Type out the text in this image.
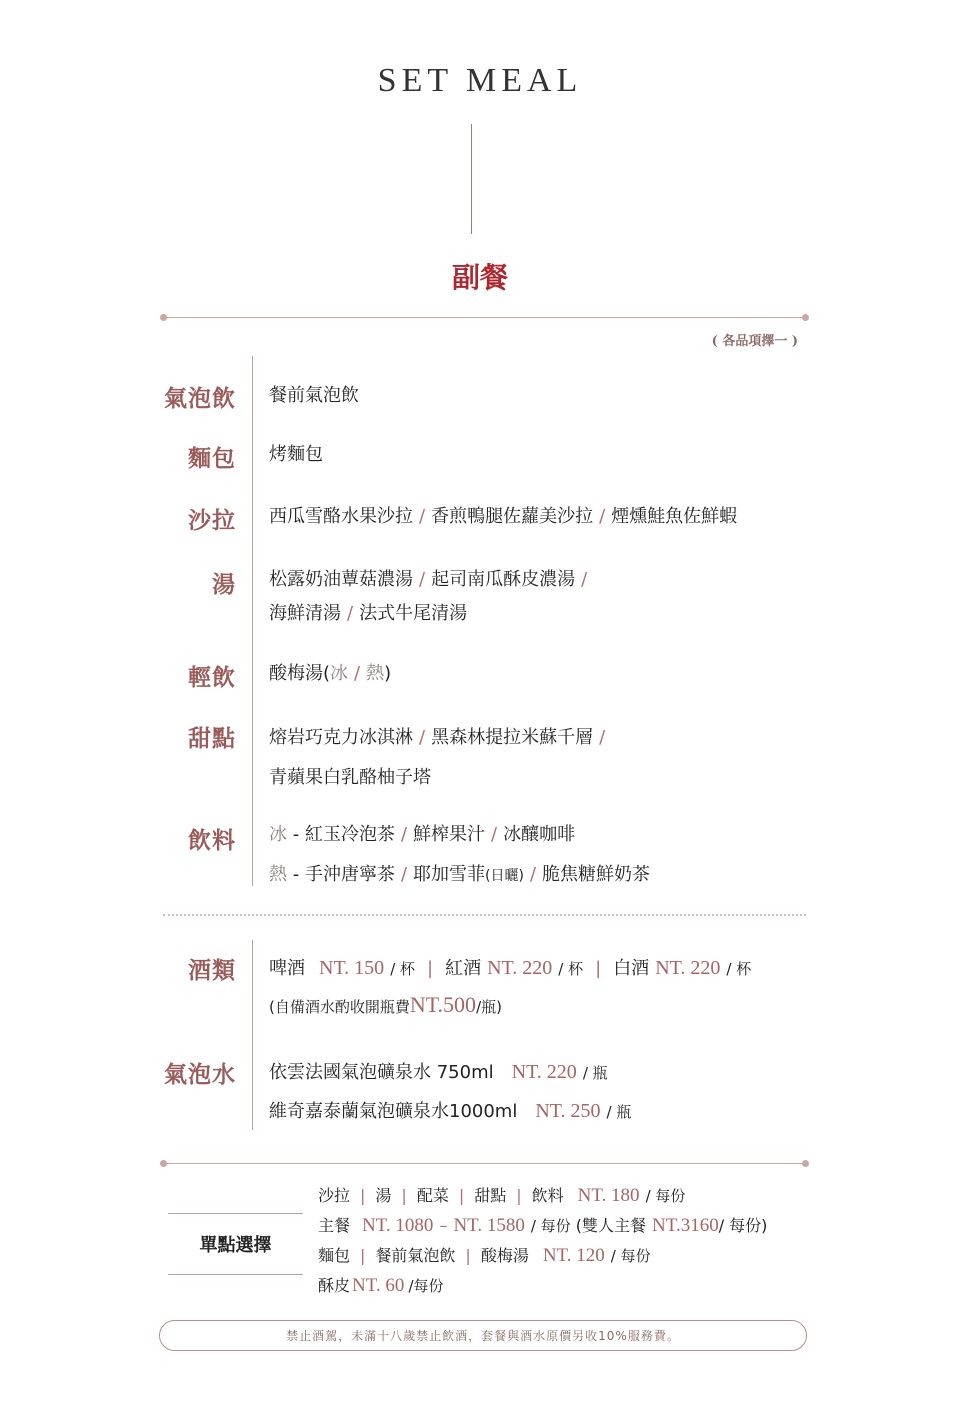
SET MEAL
副餐
( 各品項擇一 )
氣泡飲 餐前氣泡飲
麵包 烤麵包
沙拉 西瓜雪酪水果沙拉 / 香煎鴨腿佐蘿美沙拉 / 煙燻鮭魚佐鮮蝦
湯 松露奶油蕈菇濃湯 / 起司南瓜酥皮濃湯 /
海鮮清湯 / 法式牛尾清湯
輕飲 酸梅湯(冰 / 熱)
甜點 熔岩巧克力冰淇淋 / 黑森林提拉米蘇千層 /
青蘋果白乳酪柚子塔
飲料 冰 - 紅玉冷泡茶 / 鮮榨果汁 / 冰釀咖啡
熱 - 手沖唐寧茶 / 耶加雪菲(日曬) / 脆焦糖鮮奶茶
酒類 啤酒 NT. 150 / 杯 | 紅酒 NT. 220 / 杯 | 白酒 NT. 220 / 杯
(自備酒水酌收開瓶費NT.500/瓶)
氣泡水 依雲法國氣泡礦泉水 750ml NT. 220 / 瓶
維奇嘉泰蘭氣泡礦泉水1000ml NT. 250 / 瓶
單點選擇
沙拉 | 湯 | 配菜 | 甜點 | 飲料 NT. 180 / 每份
主餐 NT. 1080 – NT. 1580 / 每份 (雙人主餐 NT.3160/ 每份)
麵包 | 餐前氣泡飲 | 酸梅湯 NT. 120 / 每份
酥皮 NT. 60 /每份
禁止酒駕，未滿十八歲禁止飲酒，套餐與酒水原價另收10%服務費。
